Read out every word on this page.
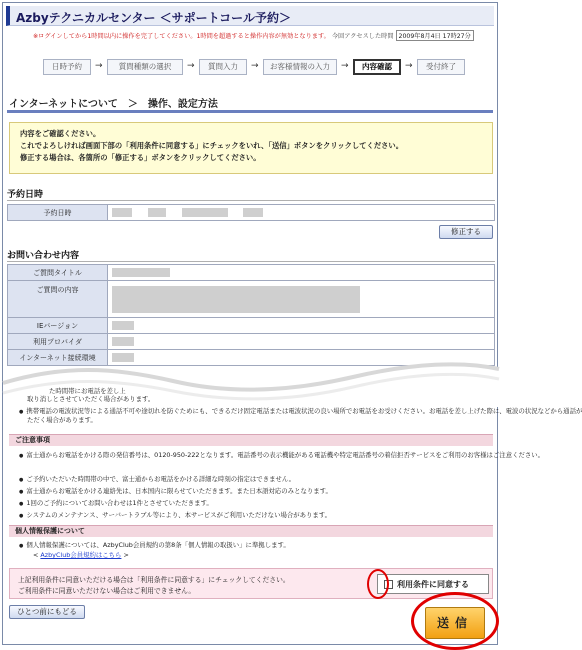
Azbyテクニカルセンター ＜サポートコール予約＞
※ログインしてから1時間以内に操作を完了してください。1時間を超過すると操作内容が無効となります。 今回アクセスした時間 2009年8月4日 17時27分
日時予約	→	質問種類の選択	→	質問入力	→	お客様情報の入力	→	内容確認	→	受付終了
インターネットについて　＞　操作、設定方法
内容をご確認ください。
これでよろしければ画面下部の「利用条件に同意する」にチェックをいれ、「送信」ボタンをクリックしてください。
修正する場合は、各箇所の「修正する」ボタンをクリックしてください。
予約日時
予約日時	
修正する
お問い合わせ内容
ご質問タイトル	
ご質問の内容	
IEバージョン	
利用プロバイダ	
インターネット接続環境	
た時間帯にお電話を差し上
取り消しとさせていただく場合があります。
● 携帯電話の電波状況等による通話不可や途切れを防ぐためにも、できるだけ固定電話または電波状況の良い場所でお電話をお受けください。お電話を差し上げた際に、電波の状況などから通話が
ただく場合があります。
ご注意事項
● 富士通からお電話をかける際の発信番号は、0120-950-222となります。電話番号の表示機能がある電話機や特定電話番号の着信拒否サービスをご利用のお客様はご注意ください。
● ご予約いただいた時間帯の中で、富士通からお電話をかける詳細な時刻の指定はできません。
● 富士通からお電話をかける連絡先は、日本国内に限らせていただきます。また日本語対応のみとなります。
● 1回のご予約についてお問い合わせは1件とさせていただきます。
● システムのメンテナンス、サーバートラブル等により、本サービスがご利用いただけない場合があります。
個人情報保護について
● 個人情報保護については、AzbyClub会員規約の第8条「個人情報の取扱い」に準拠します。
< AzbyClub会員規約はこちら >
上記利用条件に同意いただける場合は「利用条件に同意する」にチェックしてください。
ご利用条件に同意いただけない場合はご利用できません。
利用条件に同意する
ひとつ前にもどる
送信
